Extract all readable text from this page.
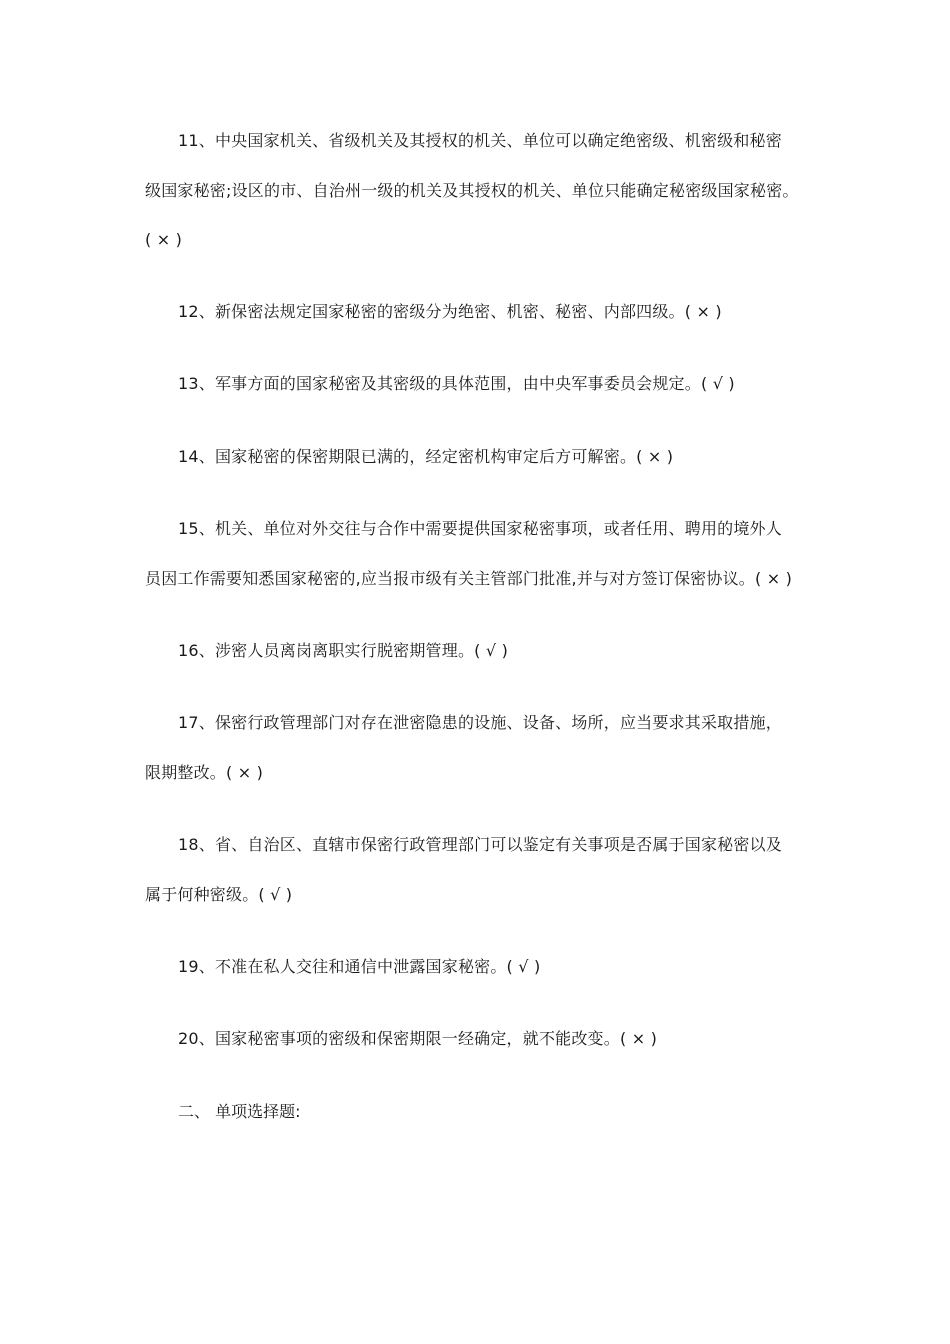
11、中央国家机关、省级机关及其授权的机关、单位可以确定绝密级、机密级和秘密
级国家秘密;设区的市、自治州一级的机关及其授权的机关、单位只能确定秘密级国家秘密。
( × )
12、新保密法规定国家秘密的密级分为绝密、机密、秘密、内部四级。( × )
13、军事方面的国家秘密及其密级的具体范围，由中央军事委员会规定。( √ )
14、国家秘密的保密期限已满的，经定密机构审定后方可解密。( × )
15、机关、单位对外交往与合作中需要提供国家秘密事项，或者任用、聘用的境外人
员因工作需要知悉国家秘密的,应当报市级有关主管部门批准,并与对方签订保密协议。( × )
16、涉密人员离岗离职实行脱密期管理。( √ )
17、保密行政管理部门对存在泄密隐患的设施、设备、场所，应当要求其采取措施，
限期整改。( × )
18、省、自治区、直辖市保密行政管理部门可以鉴定有关事项是否属于国家秘密以及
属于何种密级。( √ )
19、不准在私人交往和通信中泄露国家秘密。( √ )
20、国家秘密事项的密级和保密期限一经确定，就不能改变。( × )
二、 单项选择题:
